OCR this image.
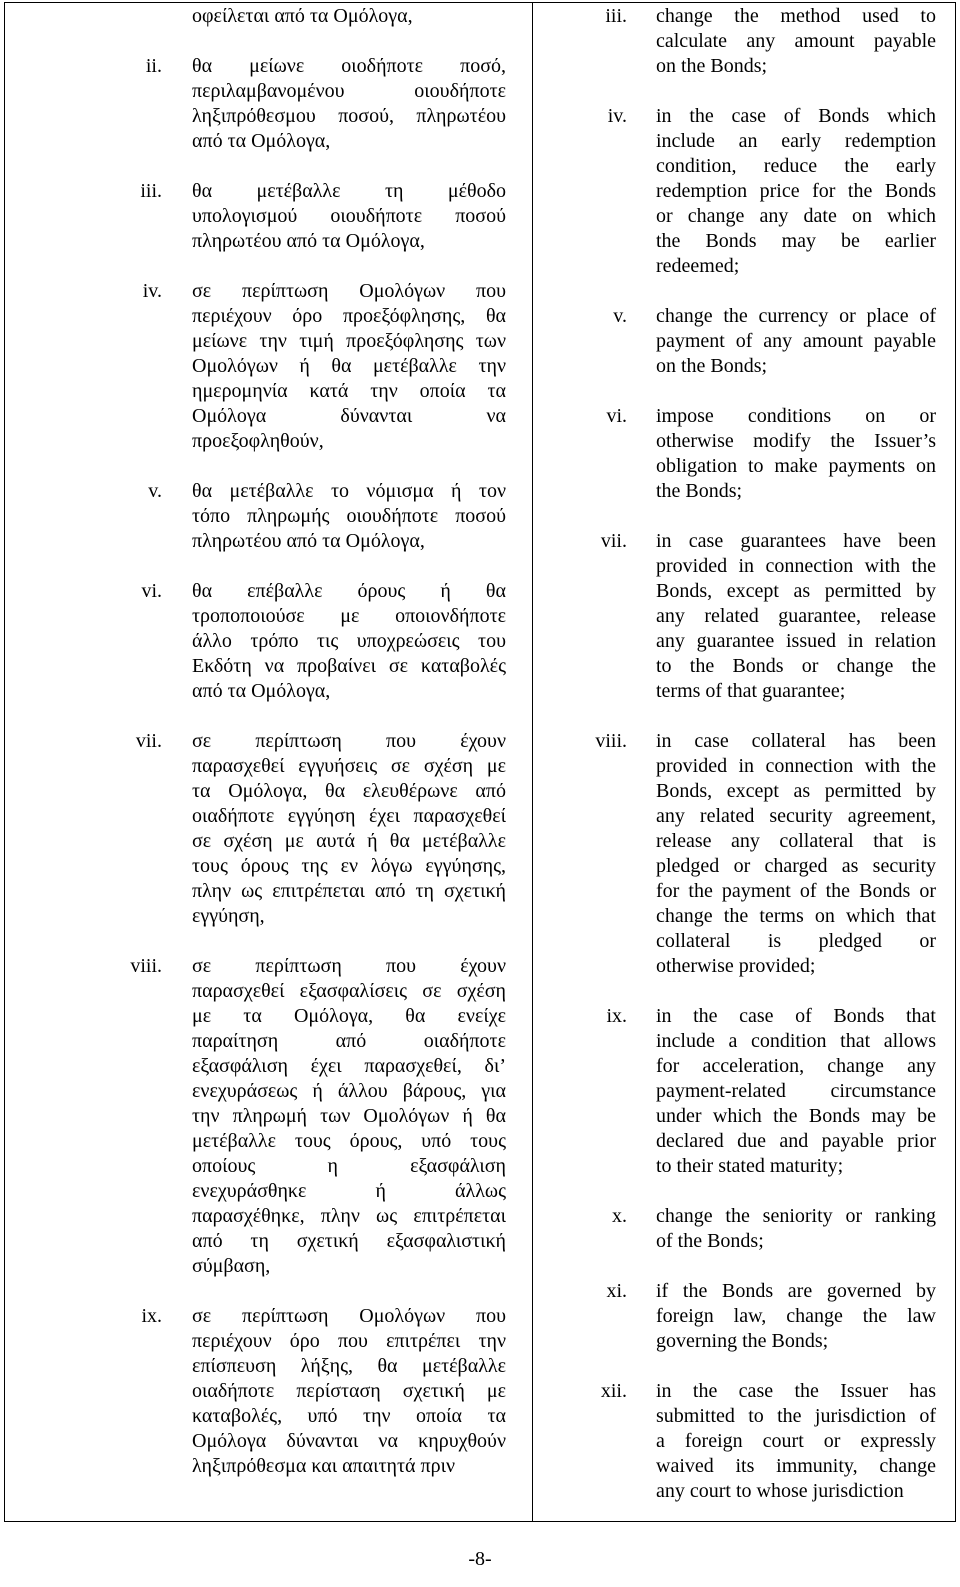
οφείλεται από τα Ομόλογα,
ii. θα μείωνε οιοδήποτε ποσό,
περιλαμβανομένου οιουδήποτε
ληξιπρόθεσμου ποσού, πληρωτέου
από τα Ομόλογα,
iii. θα μετέβαλλε τη μέθοδο
υπολογισμού οιουδήποτε ποσού
πληρωτέου από τα Ομόλογα,
iv. σε περίπτωση Ομολόγων που
περιέχουν όρο προεξόφλησης, θα
μείωνε την τιμή προεξόφλησης των
Ομολόγων ή θα μετέβαλλε την
ημερομηνία κατά την οποία τα
Ομόλογα δύνανται να
προεξοφληθούν,
v. θα μετέβαλλε το νόμισμα ή τον
τόπο πληρωμής οιουδήποτε ποσού
πληρωτέου από τα Ομόλογα,
vi. θα επέβαλλε όρους ή θα
τροποποιούσε με οποιονδήποτε
άλλο τρόπο τις υποχρεώσεις του
Εκδότη να προβαίνει σε καταβολές
από τα Ομόλογα,
vii. σε περίπτωση που έχουν
παρασχεθεί εγγυήσεις σε σχέση με
τα Ομόλογα, θα ελευθέρωνε από
οιαδήποτε εγγύηση έχει παρασχεθεί
σε σχέση με αυτά ή θα μετέβαλλε
τους όρους της εν λόγω εγγύησης,
πλην ως επιτρέπεται από τη σχετική
εγγύηση,
viii. σε περίπτωση που έχουν
παρασχεθεί εξασφαλίσεις σε σχέση
με τα Ομόλογα, θα ενείχε
παραίτηση από οιαδήποτε
εξασφάλιση έχει παρασχεθεί, δι’
ενεχυράσεως ή άλλου βάρους, για
την πληρωμή των Ομολόγων ή θα
μετέβαλλε τους όρους, υπό τους
οποίους η εξασφάλιση
ενεχυράσθηκε ή άλλως
παρασχέθηκε, πλην ως επιτρέπεται
από τη σχετική εξασφαλιστική
σύμβαση,
ix. σε περίπτωση Ομολόγων που
περιέχουν όρο που επιτρέπει την
επίσπευση λήξης, θα μετέβαλλε
οιαδήποτε περίσταση σχετική με
καταβολές, υπό την οποία τα
Ομόλογα δύνανται να κηρυχθούν
ληξιπρόθεσμα και απαιτητά πριν
iii. change the method used to
calculate any amount payable
on the Bonds;
iv. in the case of Bonds which
include an early redemption
condition, reduce the early
redemption price for the Bonds
or change any date on which
the Bonds may be earlier
redeemed;
v. change the currency or place of
payment of any amount payable
on the Bonds;
vi. impose conditions on or
otherwise modify the Issuer’s
obligation to make payments on
the Bonds;
vii. in case guarantees have been
provided in connection with the
Bonds, except as permitted by
any related guarantee, release
any guarantee issued in relation
to the Bonds or change the
terms of that guarantee;
viii. in case collateral has been
provided in connection with the
Bonds, except as permitted by
any related security agreement,
release any collateral that is
pledged or charged as security
for the payment of the Bonds or
change the terms on which that
collateral is pledged or
otherwise provided;
ix. in the case of Bonds that
include a condition that allows
for acceleration, change any
payment-related circumstance
under which the Bonds may be
declared due and payable prior
to their stated maturity;
x. change the seniority or ranking
of the Bonds;
xi. if the Bonds are governed by
foreign law, change the law
governing the Bonds;
xii. in the case the Issuer has
submitted to the jurisdiction of
a foreign court or expressly
waived its immunity, change
any court to whose jurisdiction
-8-
